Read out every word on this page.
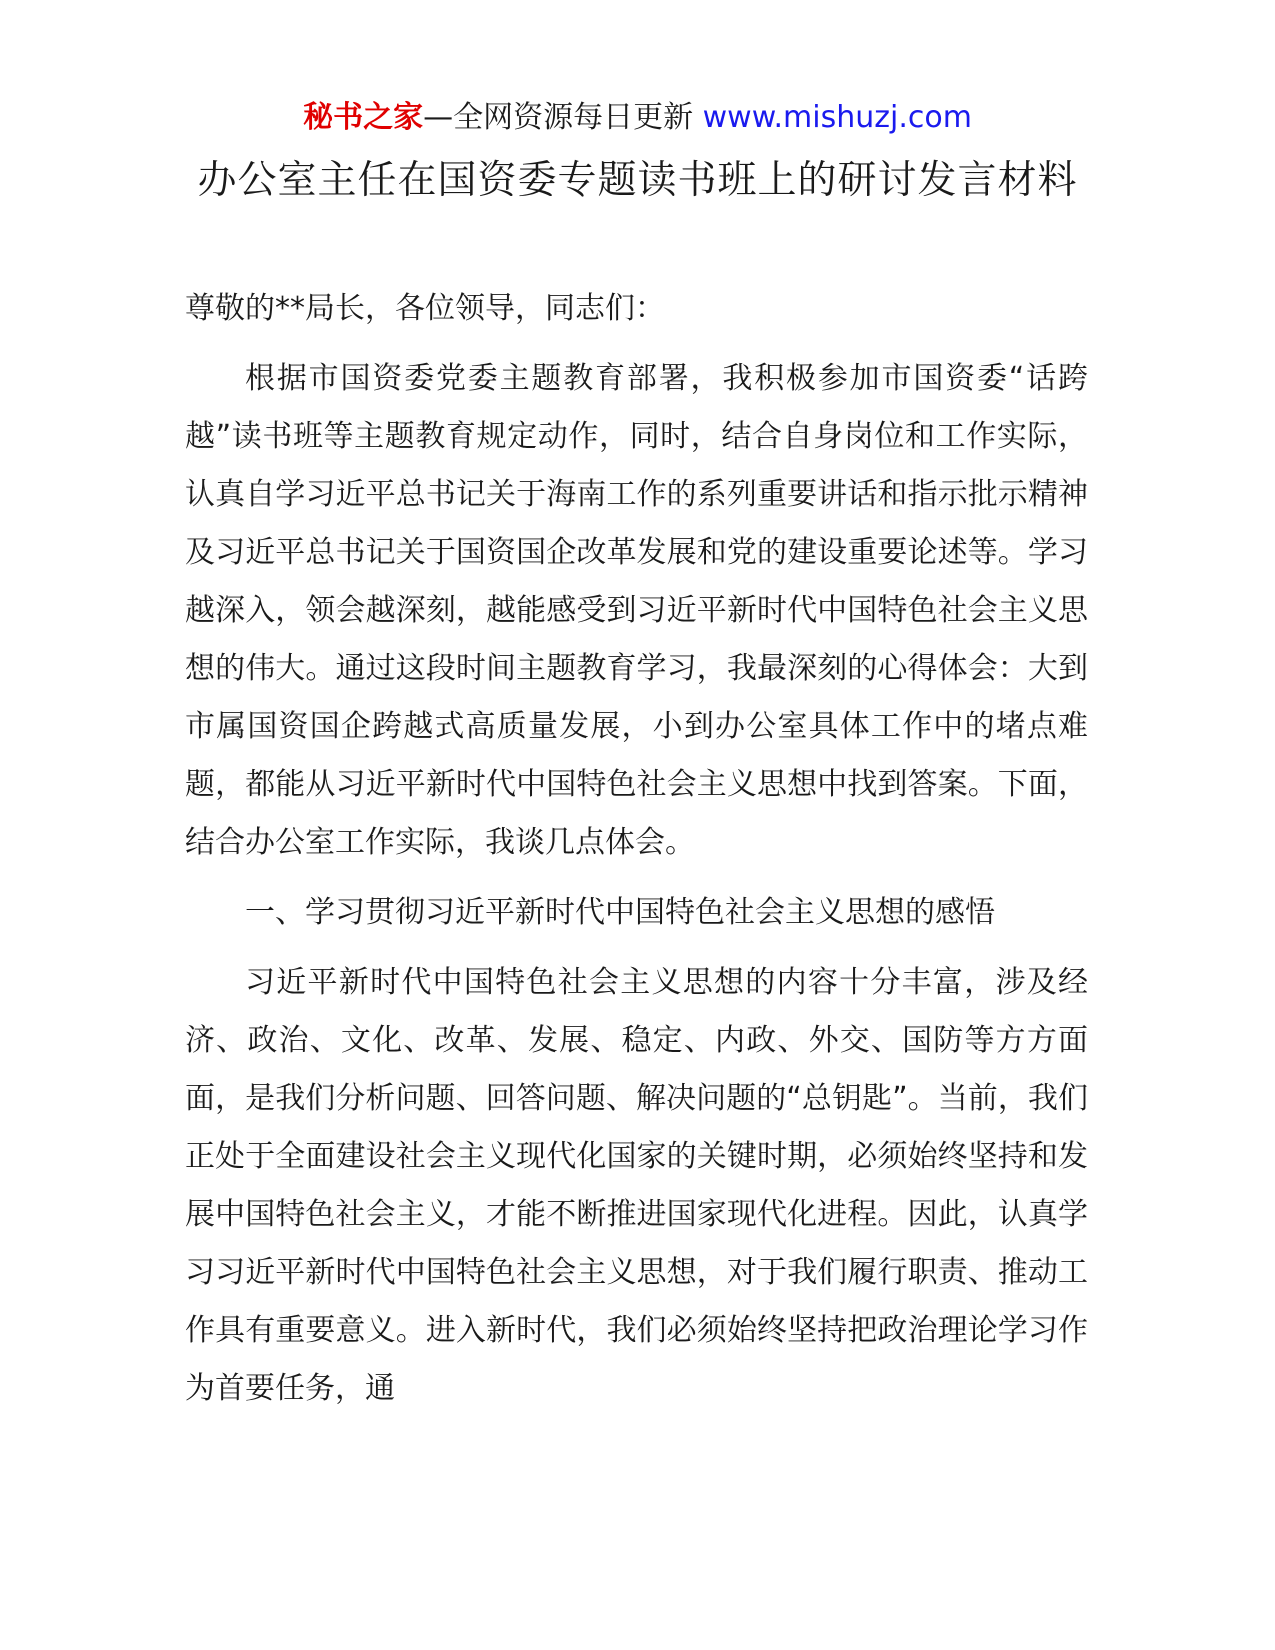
秘书之家—全网资源每日更新 www.mishuzj.com
办公室主任在国资委专题读书班上的研讨发言材料

尊敬的**局长，各位领导，同志们：

根据市国资委党委主题教育部署，我积极参加市国资委“话跨越”读书班等主题教育规定动作，同时，结合自身岗位和工作实际，认真自学习近平总书记关于海南工作的系列重要讲话和指示批示精神及习近平总书记关于国资国企改革发展和党的建设重要论述等。学习越深入，领会越深刻，越能感受到习近平新时代中国特色社会主义思想的伟大。通过这段时间主题教育学习，我最深刻的心得体会：大到市属国资国企跨越式高质量发展，小到办公室具体工作中的堵点难题，都能从习近平新时代中国特色社会主义思想中找到答案。下面，结合办公室工作实际，我谈几点体会。

一、学习贯彻习近平新时代中国特色社会主义思想的感悟

习近平新时代中国特色社会主义思想的内容十分丰富，涉及经济、政治、文化、改革、发展、稳定、内政、外交、国防等方方面面，是我们分析问题、回答问题、解决问题的“总钥匙”。当前，我们正处于全面建设社会主义现代化国家的关键时期，必须始终坚持和发展中国特色社会主义，才能不断推进国家现代化进程。因此，认真学习习近平新时代中国特色社会主义思想，对于我们履行职责、推动工作具有重要意义。进入新时代，我们必须始终坚持把政治理论学习作为首要任务，通
